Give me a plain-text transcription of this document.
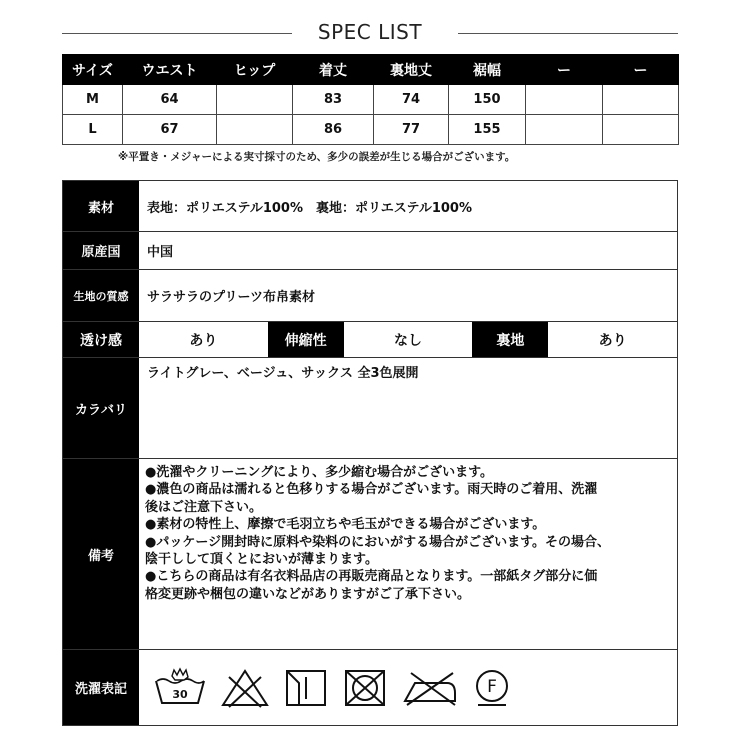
SPEC LIST
サイズ	ウエスト	ヒップ	着丈	裏地丈	裾幅	ー	ー
M	64		83	74	150		
L	67		86	77	155		
※平置き・メジャーによる実寸採寸のため、多少の誤差が生じる場合がございます。
素材	表地：ポリエステル100%　裏地：ポリエステル100%
原産国	中国
生地の質感	サラサラのプリーツ布帛素材
透け感	あり	伸縮性	なし	裏地	あり
カラバリ
ライトグレー、ベージュ、サックス 全3色展開
備考
●洗濯やクリーニングにより、多少縮む場合がございます。
●濃色の商品は濡れると色移りする場合がございます。雨天時のご着用、洗濯
後はご注意下さい。
●素材の特性上、摩擦で毛羽立ちや毛玉ができる場合がございます。
●パッケージ開封時に原料や染料のにおいがする場合がございます。その場合、
陰干しして頂くとにおいが薄まります。
●こちらの商品は有名衣料品店の再販売商品となります。一部紙タグ部分に価
格変更跡や梱包の違いなどがありますがご了承下さい。
洗濯表記	30	F
